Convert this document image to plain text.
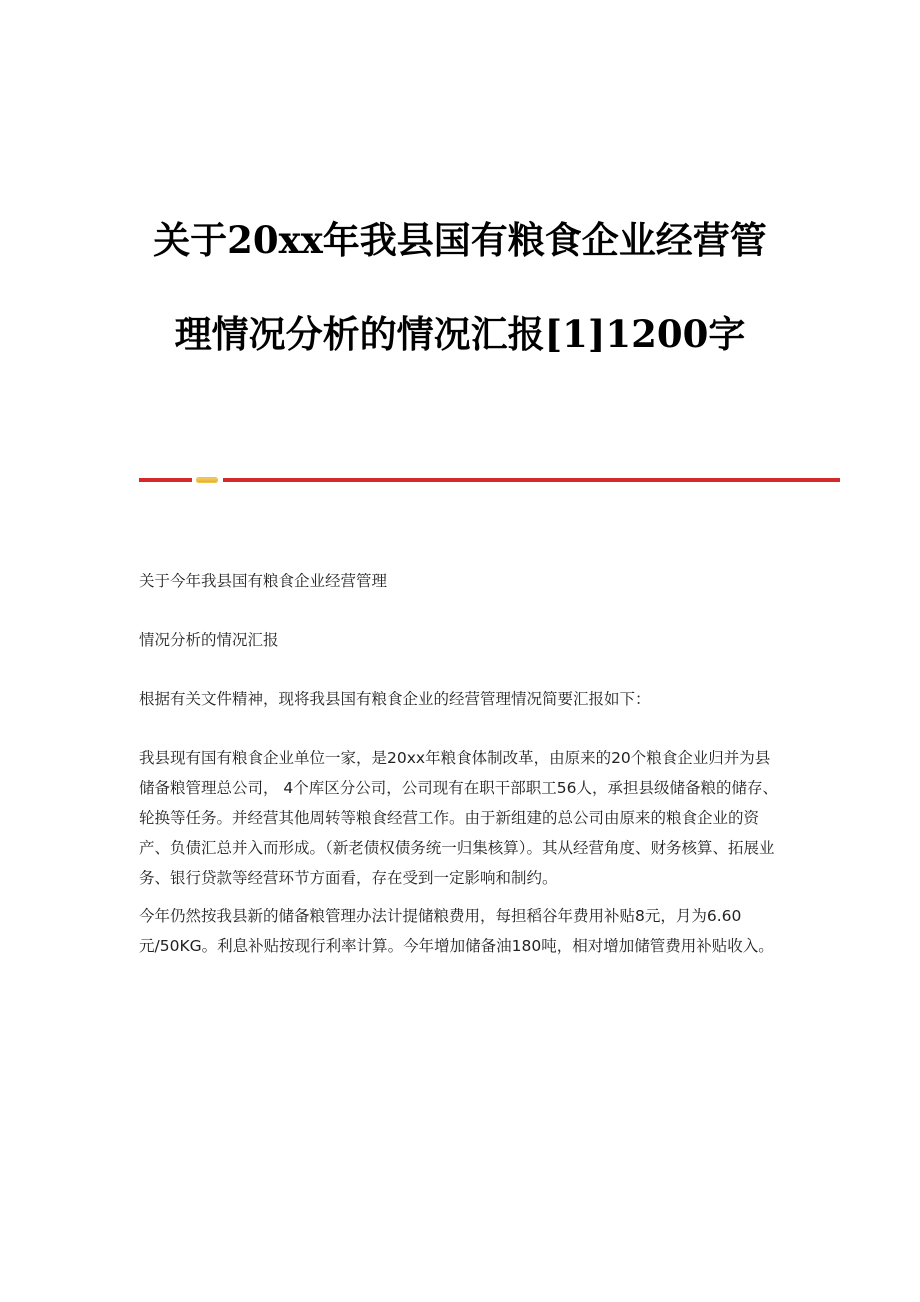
关于20xx年我县国有粮食企业经营管
理情况分析的情况汇报[1]1200字

关于今年我县国有粮食企业经营管理

情况分析的情况汇报

根据有关文件精神，现将我县国有粮食企业的经营管理情况简要汇报如下：

我县现有国有粮食企业单位一家，是20xx年粮食体制改革，由原来的20个粮食企业归并为县储备粮管理总公司， 4个库区分公司，公司现有在职干部职工56人，承担县级储备粮的储存、轮换等任务。并经营其他周转等粮食经营工作。由于新组建的总公司由原来的粮食企业的资产、负债汇总并入而形成。（新老债权债务统一归集核算）。其从经营角度、财务核算、拓展业务、银行贷款等经营环节方面看，存在受到一定影响和制约。

今年仍然按我县新的储备粮管理办法计提储粮费用，每担稻谷年费用补贴8元，月为6.60元/50KG。利息补贴按现行利率计算。今年增加储备油180吨，相对增加储管费用补贴收入。
